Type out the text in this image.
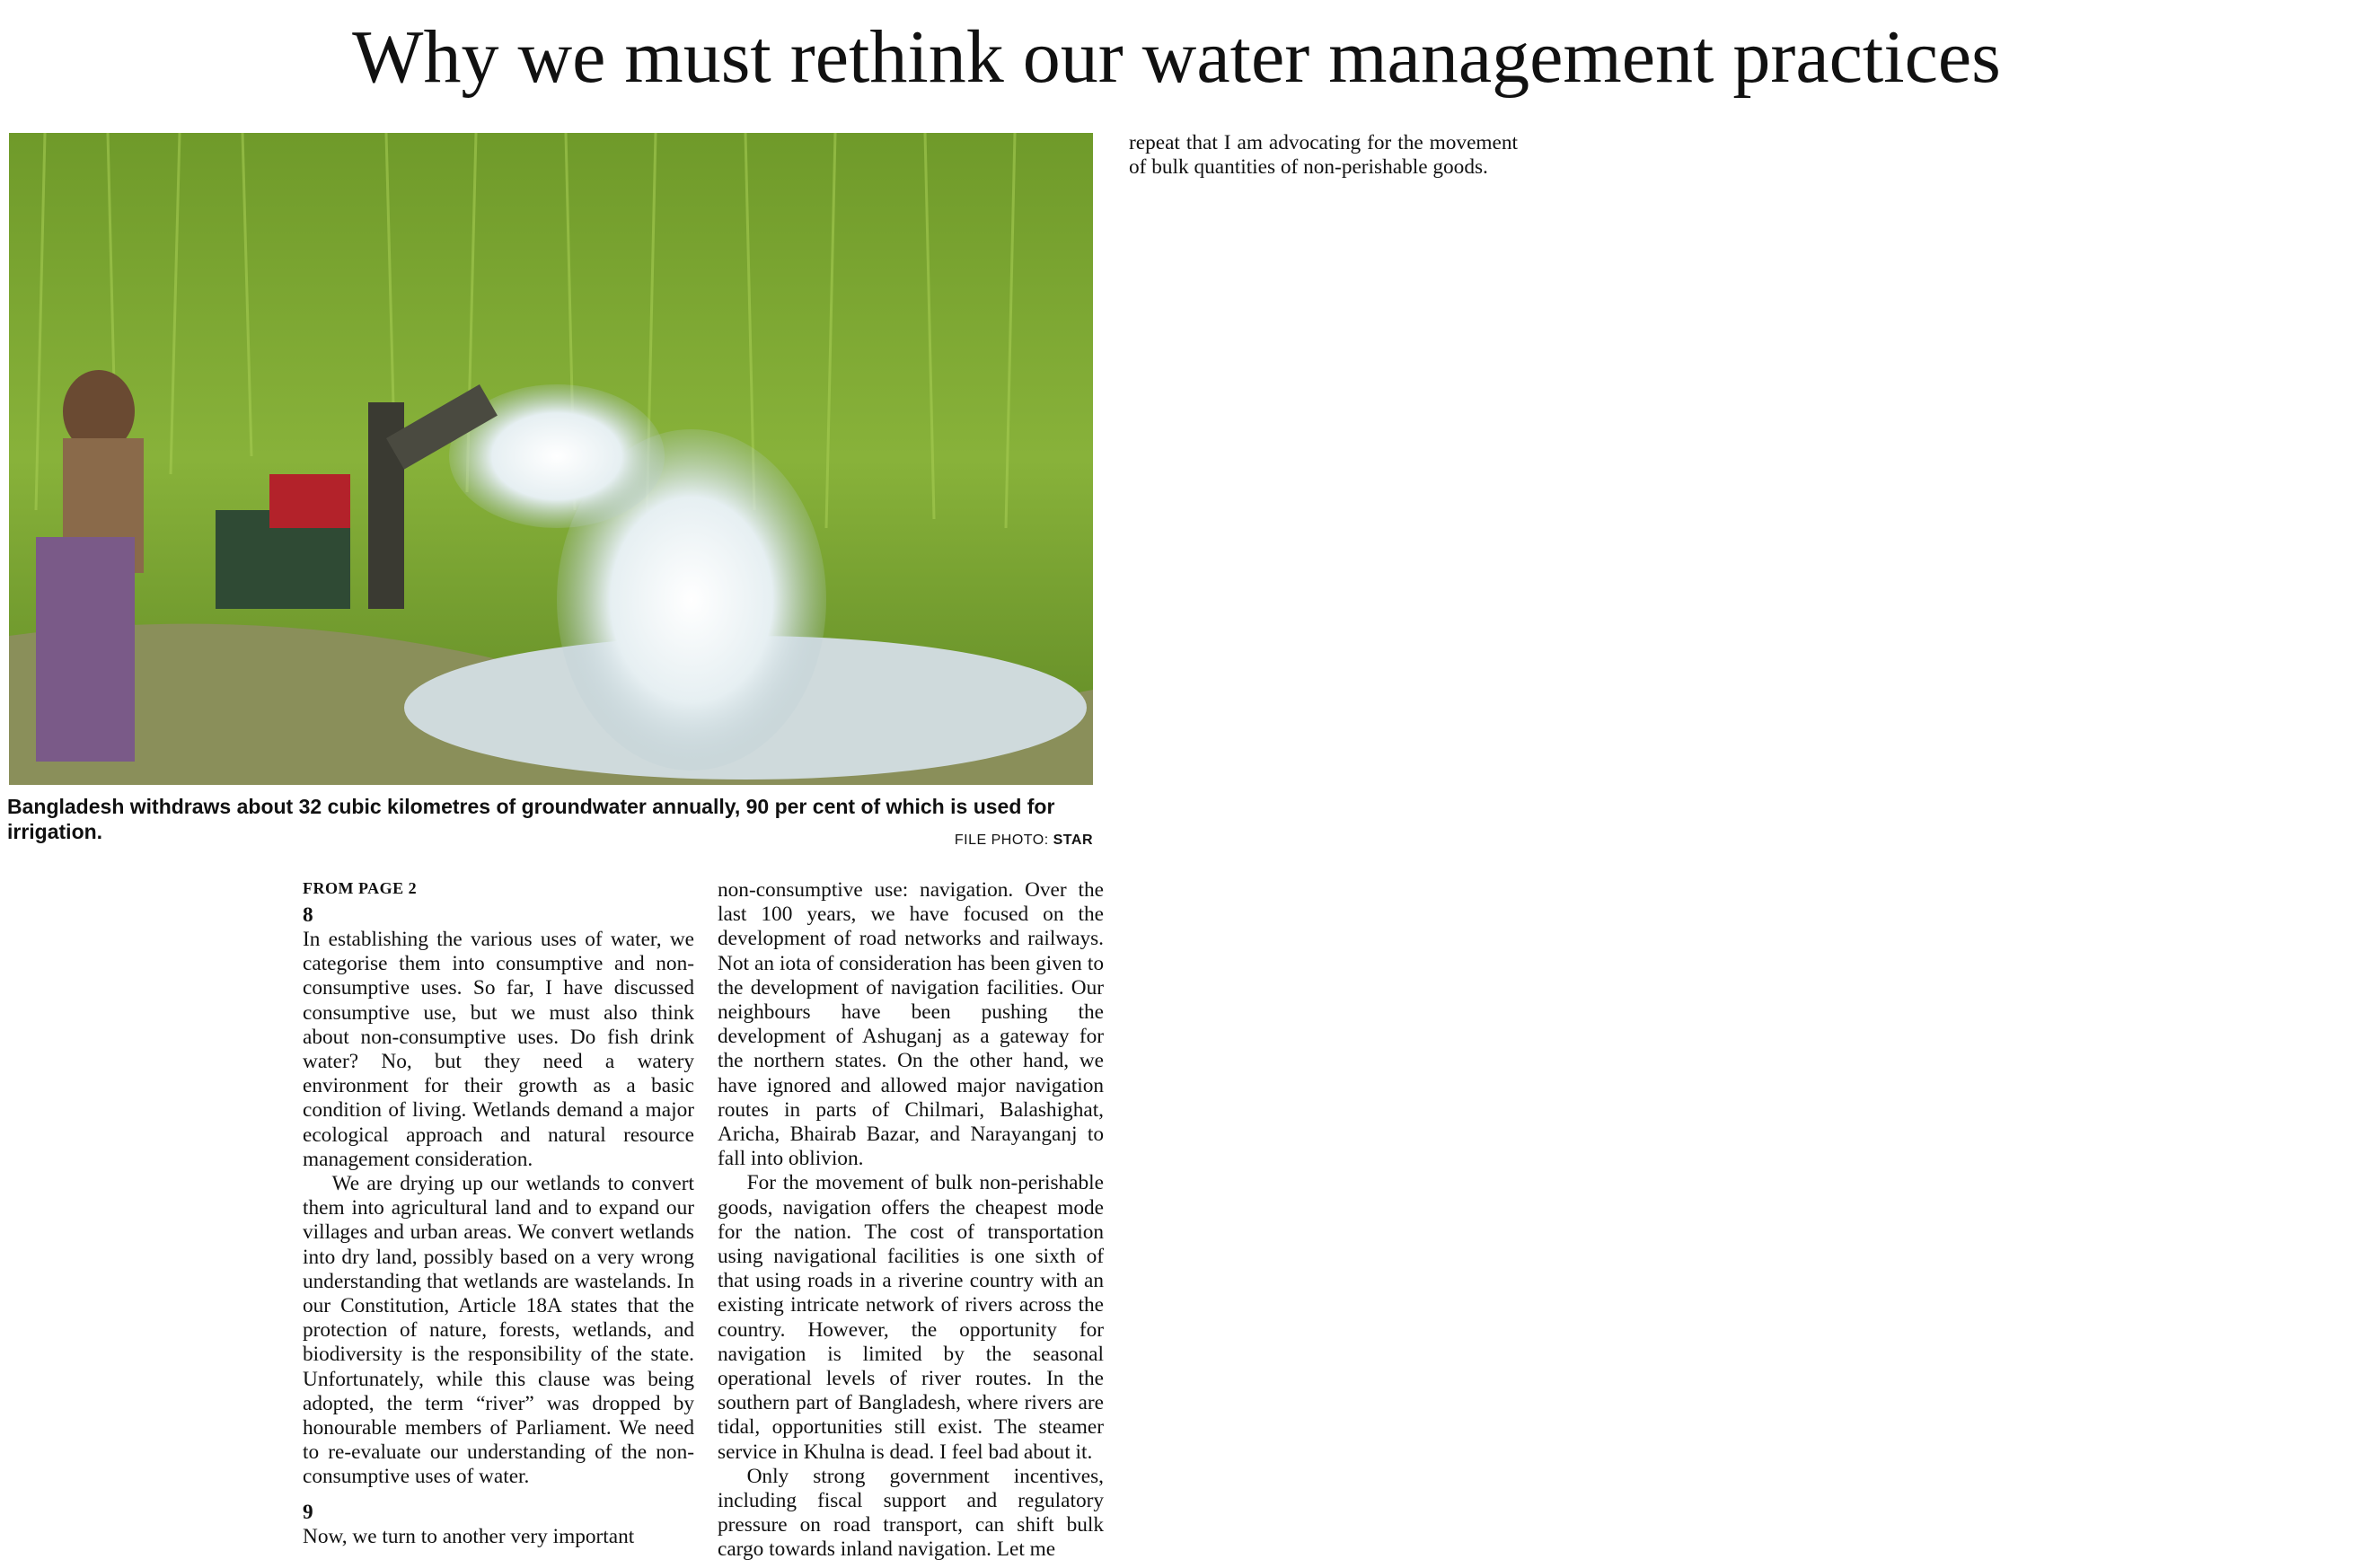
Why we must rethink our water management practices
Bangladesh withdraws about 32 cubic kilometres of groundwater annually, 90 per cent of which is used for irrigation.	FILE PHOTO: STAR
FROM PAGE 2
8

In establishing the various uses of water, we categorise them into consumptive and non-consumptive uses. So far, I have discussed consumptive use, but we must also think about non-consumptive uses. Do fish drink water? No, but they need a watery environment for their growth as a basic condition of living. Wetlands demand a major ecological approach and natural resource management consideration.

We are drying up our wetlands to convert them into agricultural land and to expand our villages and urban areas. We convert wetlands into dry land, possibly based on a very wrong understanding that wetlands are wastelands. In our Constitution, Article 18A states that the protection of nature, forests, wetlands, and biodiversity is the responsibility of the state. Unfortunately, while this clause was being adopted, the term “river” was dropped by honourable members of Parliament. We need to re-evaluate our understanding of the non-consumptive uses of water.

9

Now, we turn to another very important

non-consumptive use: navigation. Over the last 100 years, we have focused on the development of road networks and railways. Not an iota of consideration has been given to the development of navigation facilities. Our neighbours have been pushing the development of Ashuganj as a gateway for the northern states. On the other hand, we have ignored and allowed major navigation routes in parts of Chilmari, Balashighat, Aricha, Bhairab Bazar, and Narayanganj to fall into oblivion.

For the movement of bulk non-perishable goods, navigation offers the cheapest mode for the nation. The cost of transportation using navigational facilities is one sixth of that using roads in a riverine country with an existing intricate network of rivers across the country. However, the opportunity for navigation is limited by the seasonal operational levels of river routes. In the southern part of Bangladesh, where rivers are tidal, opportunities still exist. The steamer service in Khulna is dead. I feel bad about it.

Only strong government incentives, including fiscal support and regulatory pressure on road transport, can shift bulk cargo towards inland navigation. Let me

repeat that I am advocating for the movement of bulk quantities of non-perishable goods.
